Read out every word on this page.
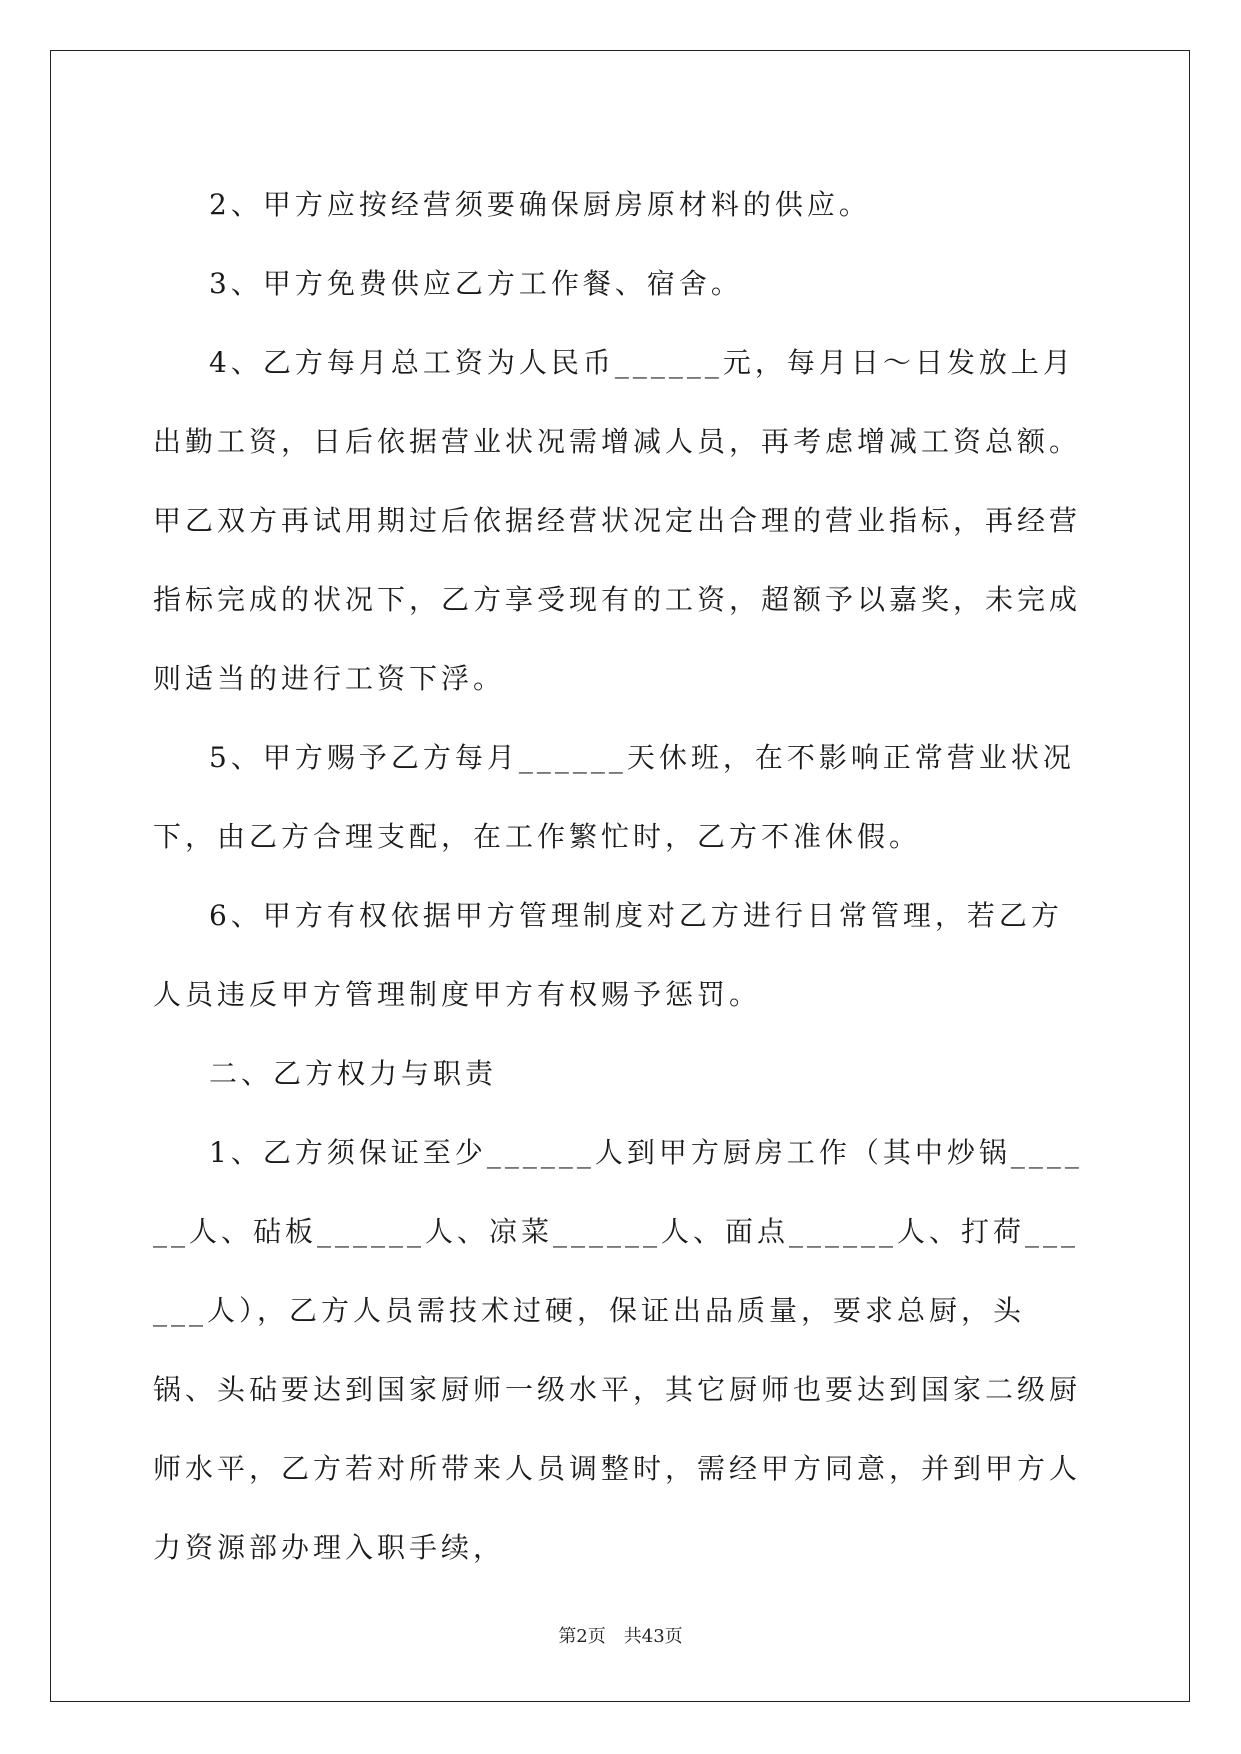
2、甲方应按经营须要确保厨房原材料的供应。

3、甲方免费供应乙方工作餐、宿舍。

4、乙方每月总工资为人民币______元，每月日～日发放上月出勤工资，日后依据营业状况需增减人员，再考虑增减工资总额。甲乙双方再试用期过后依据经营状况定出合理的营业指标，再经营指标完成的状况下，乙方享受现有的工资，超额予以嘉奖，未完成则适当的进行工资下浮。

5、甲方赐予乙方每月______天休班，在不影响正常营业状况下，由乙方合理支配，在工作繁忙时，乙方不准休假。

6、甲方有权依据甲方管理制度对乙方进行日常管理，若乙方人员违反甲方管理制度甲方有权赐予惩罚。

二、乙方权力与职责

1、乙方须保证至少______人到甲方厨房工作（其中炒锅______人、砧板______人、凉菜______人、面点______人、打荷______人），乙方人员需技术过硬，保证出品质量，要求总厨，头锅、头砧要达到国家厨师一级水平，其它厨师也要达到国家二级厨师水平，乙方若对所带来人员调整时，需经甲方同意，并到甲方人力资源部办理入职手续，

第2页 共43页
